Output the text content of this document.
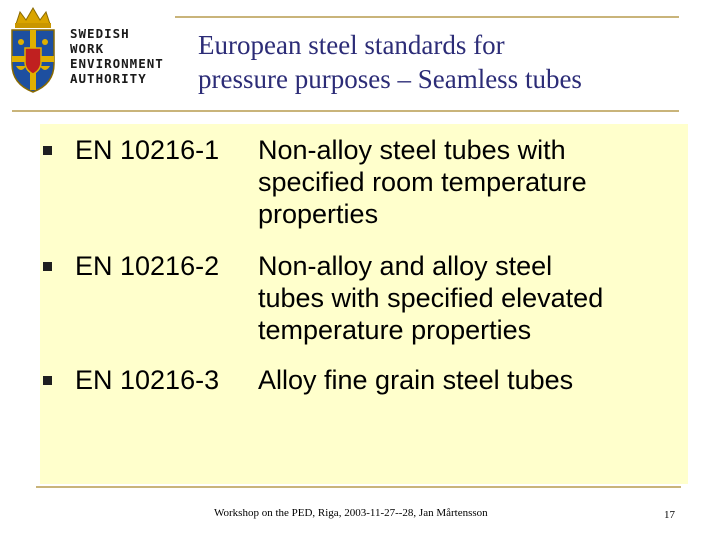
SWEDISH
WORK
ENVIRONMENT
AUTHORITY
European steel standards for
pressure purposes – Seamless tubes
EN 10216-1 Non-alloy steel tubes with
specified room temperature
properties
EN 10216-2 Non-alloy and alloy steel
tubes with specified elevated
temperature properties
EN 10216-3 Alloy fine grain steel tubes
Workshop on the PED, Riga, 2003-11-27--28, Jan Mårtensson	17
